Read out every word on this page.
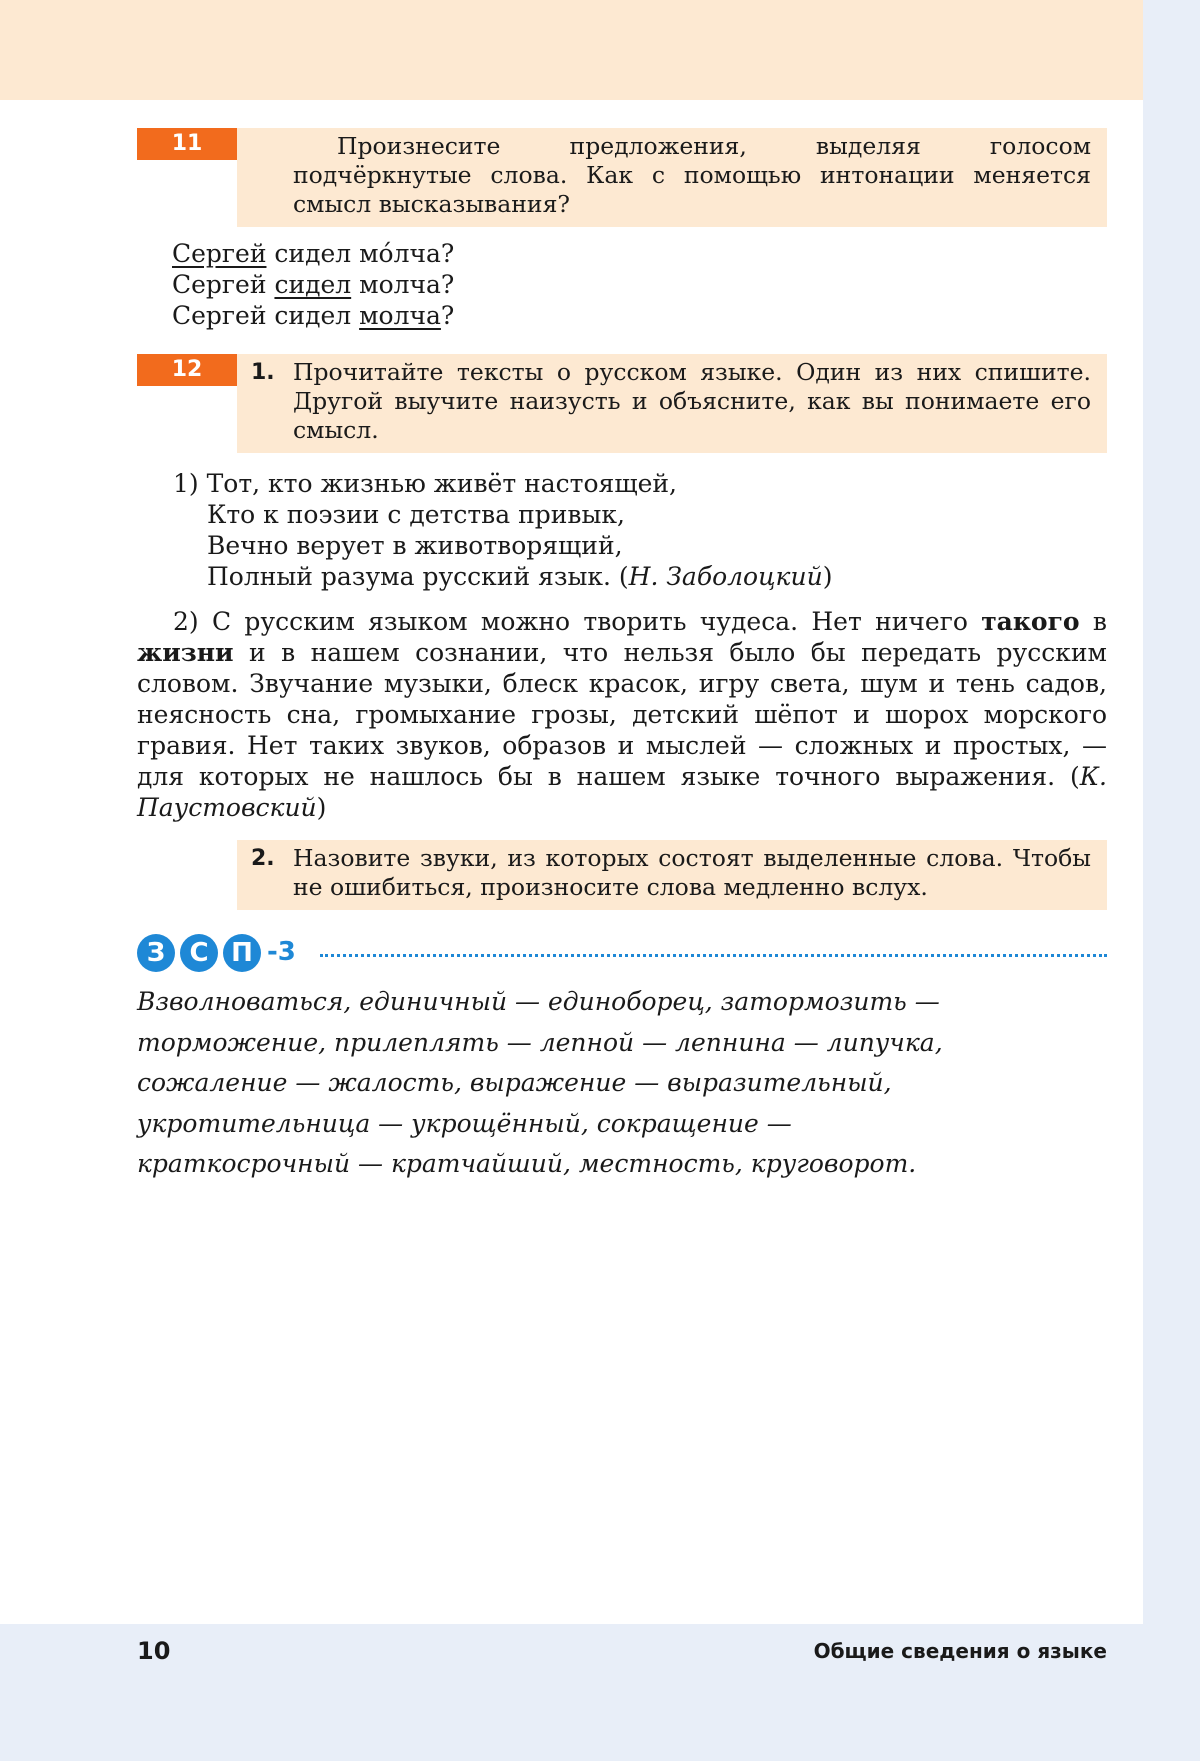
11	Произнесите предложения, выделяя голосом подчёркнутые слова. Как с помощью интонации меняется смысл высказывания?
Сергей сидел мо́лча?
Сергей сидел молча?
Сергей сидел молча?
12	1. Прочитайте тексты о русском языке. Один из них спишите. Другой выучите наизусть и объясните, как вы понимаете его смысл.
1) Тот, кто жизнью живёт настоящей,
Кто к поэзии с детства привык,
Вечно верует в животворящий,
Полный разума русский язык. (Н. Заболоцкий)

2) С русским языком можно творить чудеса. Нет ничего такого в жизни и в нашем сознании, что нельзя было бы передать русским словом. Звучание музыки, блеск красок, игру света, шум и тень садов, неясность сна, громыхание грозы, детский шёпот и шорох морского гравия. Нет таких звуков, образов и мыслей — сложных и простых, — для которых не нашлось бы в нашем языке точного выражения. (К. Паустовский)

2. Назовите звуки, из которых состоят выделенные слова. Чтобы не ошибиться, произносите слова медленно вслух.
З С П -3
Взволноваться, единичный — единоборец, затормозить —
торможение, прилеплять — лепной — лепнина — липучка,
сожаление — жалость, выражение — выразительный,
укротительница — укрощённый, сокращение —
краткосрочный — кратчайший, местность, круговорот.
10	Общие сведения о языке
